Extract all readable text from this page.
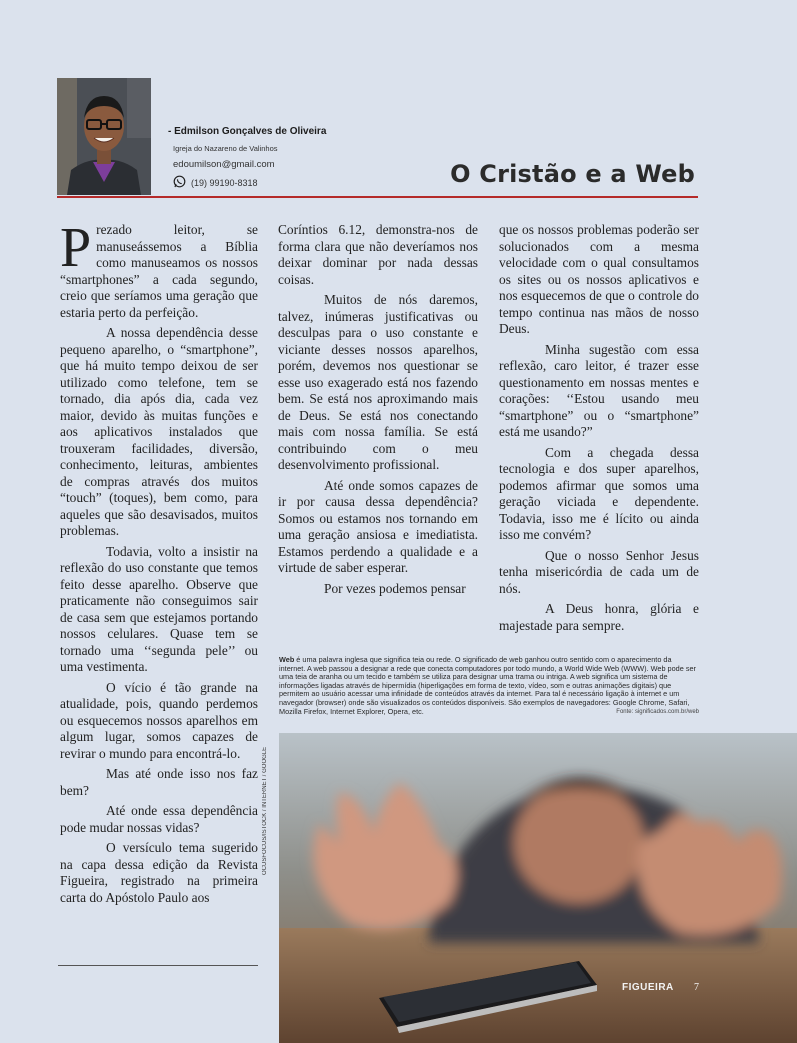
- Edmilson Gonçalves de Oliveira
Igreja do Nazareno de Valinhos
edoumilson@gmail.com
(19) 99190-8318	O Cristão e a Web

Prezado leitor, se manuseássemos a Bíblia como manuseamos os nossos “smartphones” a cada segundo, creio que seríamos uma geração que estaria perto da perfeição.

A nossa dependência desse pequeno aparelho, o “smartphone”, que há muito tempo deixou de ser utilizado como telefone, tem se tornado, dia após dia, cada vez maior, devido às muitas funções e aos aplicativos instalados que trouxeram facilidades, diversão, conhecimento, leituras, ambientes de compras através dos muitos “touch” (toques), bem como, para aqueles que são desavisados, muitos problemas.

Todavia, volto a insistir na reflexão do uso constante que temos feito desse aparelho. Observe que praticamente não conseguimos sair de casa sem que estejamos portando nossos celulares. Quase tem se tornado uma ‘‘segunda pele’’ ou uma vestimenta.

O vício é tão grande na atualidade, pois, quando perdemos ou esquecemos nossos aparelhos em algum lugar, somos capazes de revirar o mundo para encontrá-lo.

Mas até onde isso nos faz bem?

Até onde essa dependência pode mudar nossas vidas?

O versículo tema sugerido na capa dessa edição da Revista Figueira, registrado na primeira carta do Apóstolo Paulo aos

Coríntios 6.12, demonstra-nos de forma clara que não deveríamos nos deixar dominar por nada dessas coisas.

Muitos de nós daremos, talvez, inúmeras justificativas ou desculpas para o uso constante e viciante desses nossos aparelhos, porém, devemos nos questionar se esse uso exagerado está nos fazendo bem. Se está nos aproximando mais de Deus. Se está nos conectando mais com nossa família. Se está contribuindo com o meu desenvolvimento profissional.

Até onde somos capazes de ir por causa dessa dependência? Somos ou estamos nos tornando em uma geração ansiosa e imediatista. Estamos perdendo a qualidade e a virtude de saber esperar.

Por vezes podemos pensar

que os nossos problemas poderão ser solucionados com a mesma velocidade com o qual consultamos os sites ou os nossos aplicativos e nos esquecemos de que o controle do tempo continua nas mãos de nosso Deus.

Minha sugestão com essa reflexão, caro leitor, é trazer esse questionamento em nossas mentes e corações: ‘‘Estou usando meu “smartphone” ou o “smartphone” está me usando?”

Com a chegada dessa tecnologia e dos super aparelhos, podemos afirmar que somos uma geração viciada e dependente. Todavia, isso me é lícito ou ainda isso me convém?

Que o nosso Senhor Jesus tenha misericórdia de cada um de nós.

A Deus honra, glória e majestade para sempre.

Web é uma palavra inglesa que significa teia ou rede. O significado de web ganhou outro sentido com o aparecimento da internet. A web passou a designar a rede que conecta computadores por todo mundo, a World Wide Web (WWW). Web pode ser uma teia de aranha ou um tecido e também se utiliza para designar uma trama ou intriga. A web significa um sistema de informações ligadas através de hipermídia (hiperligações em forma de texto, vídeo, som e outras animações digitais) que permitem ao usuário acessar uma infinidade de conteúdos através da internet. Para tal é necessário ligação à internet e um navegador (browser) onde são visualizados os conteúdos disponíveis. São exemplos de navegadores: Google Chrome, Safari, Mozilla Firefox, Internet Explorer, Opera, etc.	Fonte: significados.com.br/web
OCUSFOCUS/ISTOCK / INTERNET / GOOGLE
FIGUEIRA 7
